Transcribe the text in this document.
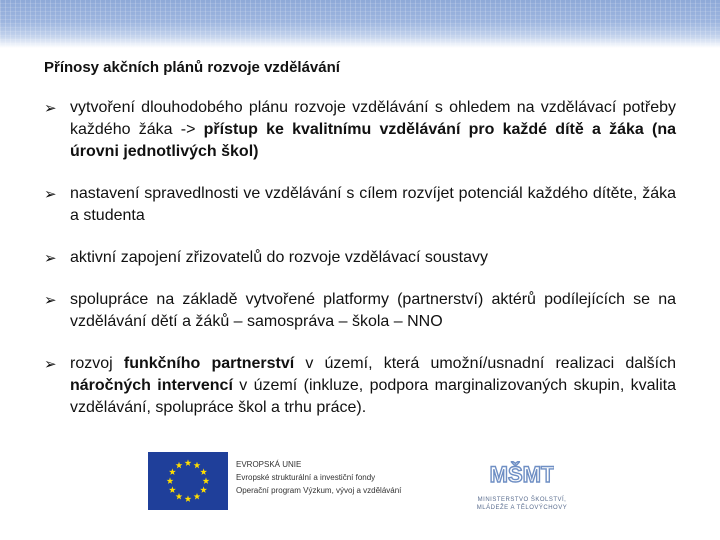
Přínosy akčních plánů rozvoje vzdělávání
➢ vytvoření dlouhodobého plánu rozvoje vzdělávání s ohledem na vzdělávací potřeby každého žáka -> přístup ke kvalitnímu vzdělávání pro každé dítě a žáka (na úrovni jednotlivých škol)
➢ nastavení spravedlnosti ve vzdělávání s cílem rozvíjet potenciál každého dítěte, žáka a studenta
➢ aktivní zapojení zřizovatelů do rozvoje vzdělávací soustavy
➢ spolupráce na základě vytvořené platformy (partnerství) aktérů podílejících se na vzdělávání dětí a žáků – samospráva – škola – NNO
➢ rozvoj funkčního partnerství v území, která umožní/usnadní realizaci dalších náročných intervencí v území (inkluze, podpora marginalizovaných skupin, kvalita vzdělávání, spolupráce škol a trhu práce).
EVROPSKÁ UNIE
Evropské strukturální a investiční fondy
Operační program Výzkum, vývoj a vzdělávání
MŠMT
MINISTERSTVO ŠKOLSTVÍ,
MLÁDEŽE A TĚLOVÝCHOVY
